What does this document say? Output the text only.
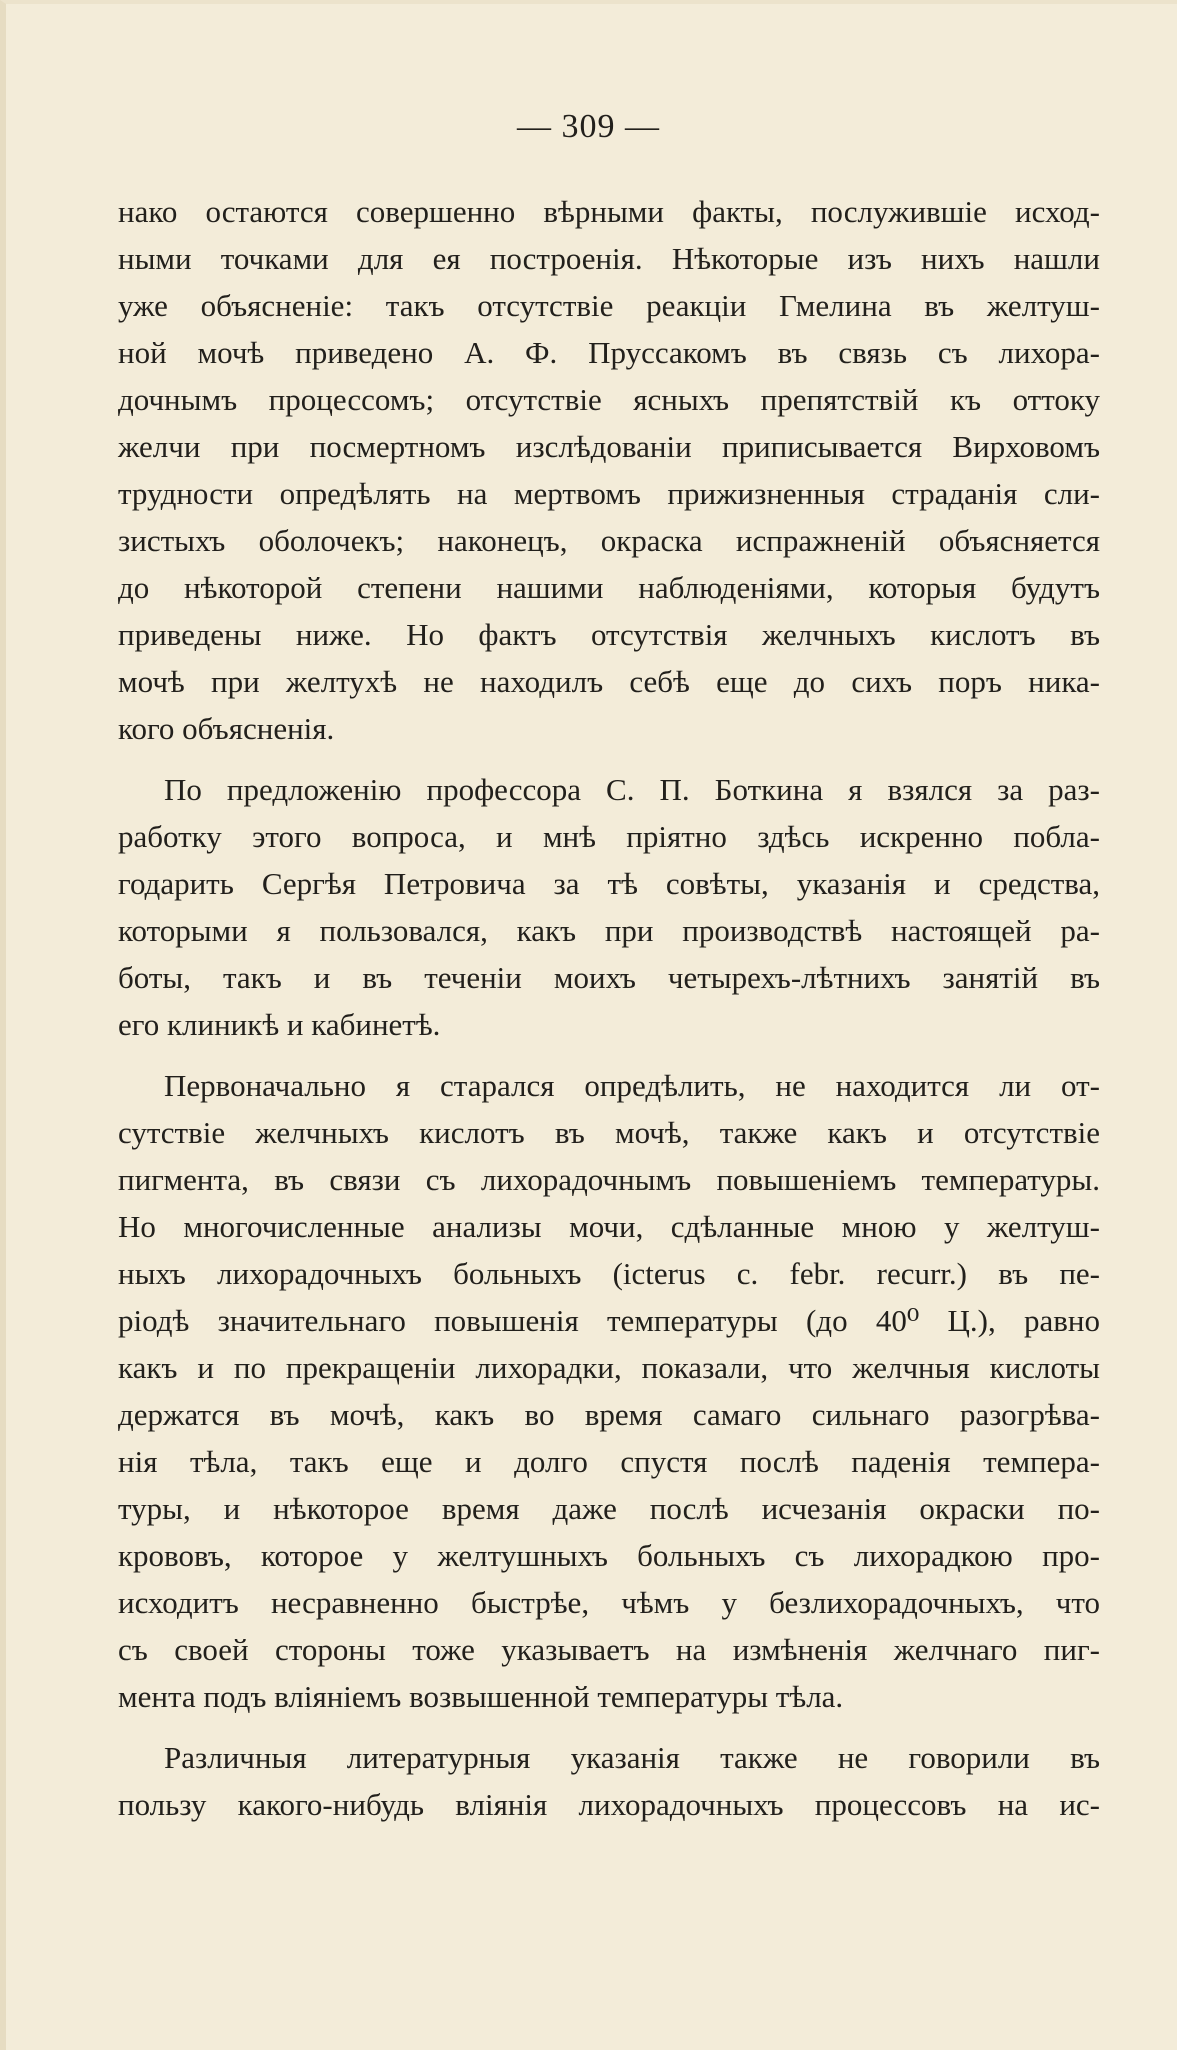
— 309 —
нако остаются совершенно вѣрными факты, послужившіе исход-
ными точками для ея построенія. Нѣкоторые изъ нихъ нашли
уже объясненіе: такъ отсутствіе реакціи Гмелина въ желтуш-
ной мочѣ приведено А. Ф. Пруссакомъ въ связь съ лихора-
дочнымъ процессомъ; отсутствіе ясныхъ препятствій къ оттоку
желчи при посмертномъ изслѣдованіи приписывается Вирховомъ
трудности опредѣлять на мертвомъ прижизненныя страданія сли-
зистыхъ оболочекъ; наконецъ, окраска испражненій объясняется
до нѣкоторой степени нашими наблюденіями, которыя будутъ
приведены ниже. Но фактъ отсутствія желчныхъ кислотъ въ
мочѣ при желтухѣ не находилъ себѣ еще до сихъ поръ ника-
кого объясненія.
По предложенію профессора С. П. Боткина я взялся за раз-
работку этого вопроса, и мнѣ пріятно здѣсь искренно побла-
годарить Сергѣя Петровича за тѣ совѣты, указанія и средства,
которыми я пользовался, какъ при производствѣ настоящей ра-
боты, такъ и въ теченіи моихъ четырехъ-лѣтнихъ занятій въ
его клиникѣ и кабинетѣ.
Первоначально я старался опредѣлить, не находится ли от-
сутствіе желчныхъ кислотъ въ мочѣ, также какъ и отсутствіе
пигмента, въ связи съ лихорадочнымъ повышеніемъ температуры.
Но многочисленные анализы мочи, сдѣланные мною у желтуш-
ныхъ лихорадочныхъ больныхъ (icterus c. febr. recurr.) въ пе-
ріодѣ значительнаго повышенія температуры (до 40⁰ Ц.), равно
какъ и по прекращеніи лихорадки, показали, что желчныя кислоты
держатся въ мочѣ, какъ во время самаго сильнаго разогрѣва-
нія тѣла, такъ еще и долго спустя послѣ паденія темпера-
туры, и нѣкоторое время даже послѣ исчезанія окраски по-
крововъ, которое у желтушныхъ больныхъ съ лихорадкою про-
исходитъ несравненно быстрѣе, чѣмъ у безлихорадочныхъ, что
съ своей стороны тоже указываетъ на измѣненія желчнаго пиг-
мента подъ вліяніемъ возвышенной температуры тѣла.
Различныя литературныя указанія также не говорили въ
пользу какого-нибудь вліянія лихорадочныхъ процессовъ на ис-
